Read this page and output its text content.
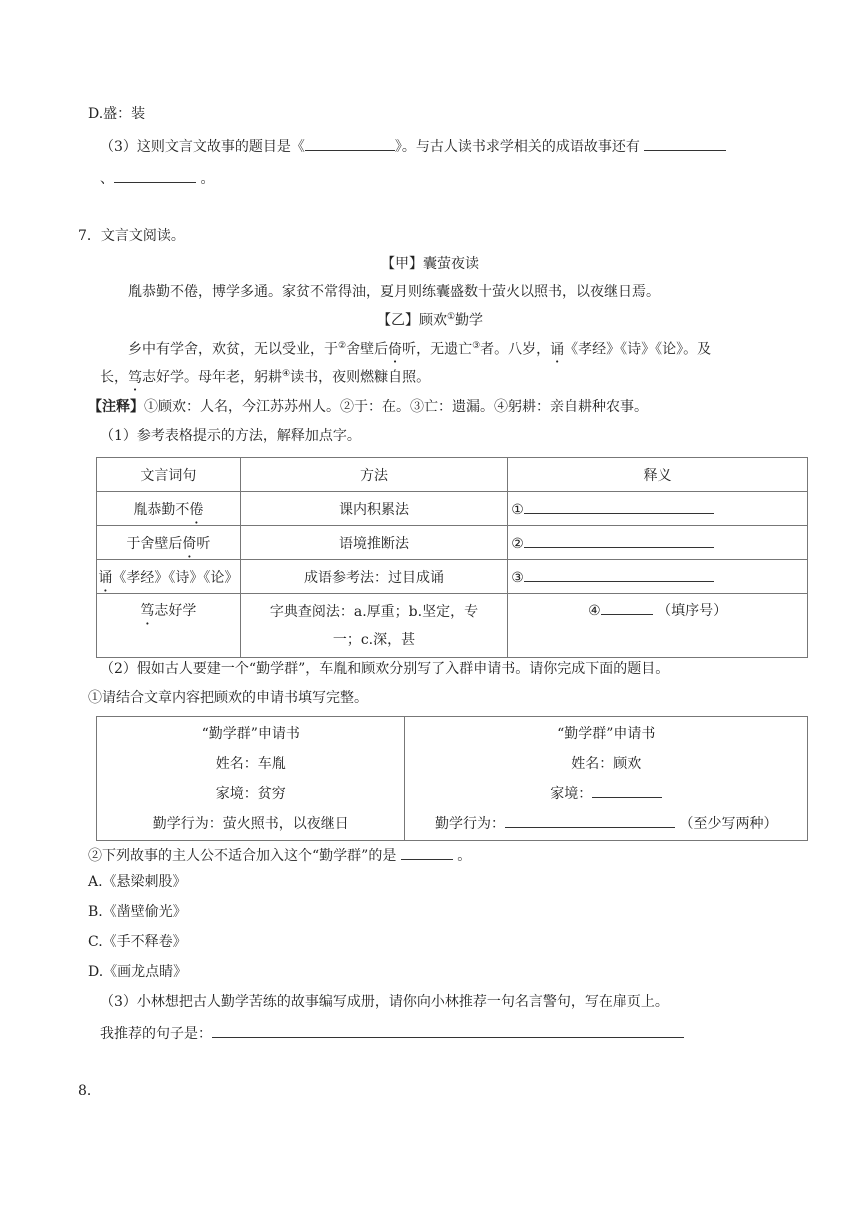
D.盛：装
（3）这则文言文故事的题目是《	》。与古人读书求学相关的成语故事还有
、	。
7．文言文阅读。
【甲】囊萤夜读
胤恭勤不倦，博学多通。家贫不常得油，夏月则练囊盛数十萤火以照书，以夜继日焉。
【乙】顾欢①勤学
乡中有学舍，欢贫，无以受业，于②舍壁后倚听，无遗亡③者。八岁，诵《孝经》《诗》《论》。及
长，笃志好学。母年老，躬耕④读书，夜则燃糠自照。
【注释】①顾欢：人名，今江苏苏州人。②于：在。③亡：遗漏。④躬耕：亲自耕种农事。
（1）参考表格提示的方法，解释加点字。
文言词句	方法	释义
胤恭勤不倦	课内积累法	①
于舍壁后倚听	语境推断法	②
诵《孝经》《诗》《论》	成语参考法：过目成诵	③
笃志好学	字典查阅法：a.厚重；b.坚定，专
一；c.深，甚	④ （填序号）
（2）假如古人要建一个“勤学群”，车胤和顾欢分别写了入群申请书。请你完成下面的题目。
①请结合文章内容把顾欢的申请书填写完整。
“勤学群”申请书
姓名：车胤
家境：贫穷
勤学行为：萤火照书，以夜继日

“勤学群”申请书
姓名：顾欢
家境：
勤学行为：	（至少写两种）
②下列故事的主人公不适合加入这个“勤学群”的是	。
A.《悬梁刺股》
B.《凿壁偷光》
C.《手不释卷》
D.《画龙点睛》
（3）小林想把古人勤学苦练的故事编写成册，请你向小林推荐一句名言警句，写在扉页上。
我推荐的句子是：
8．
